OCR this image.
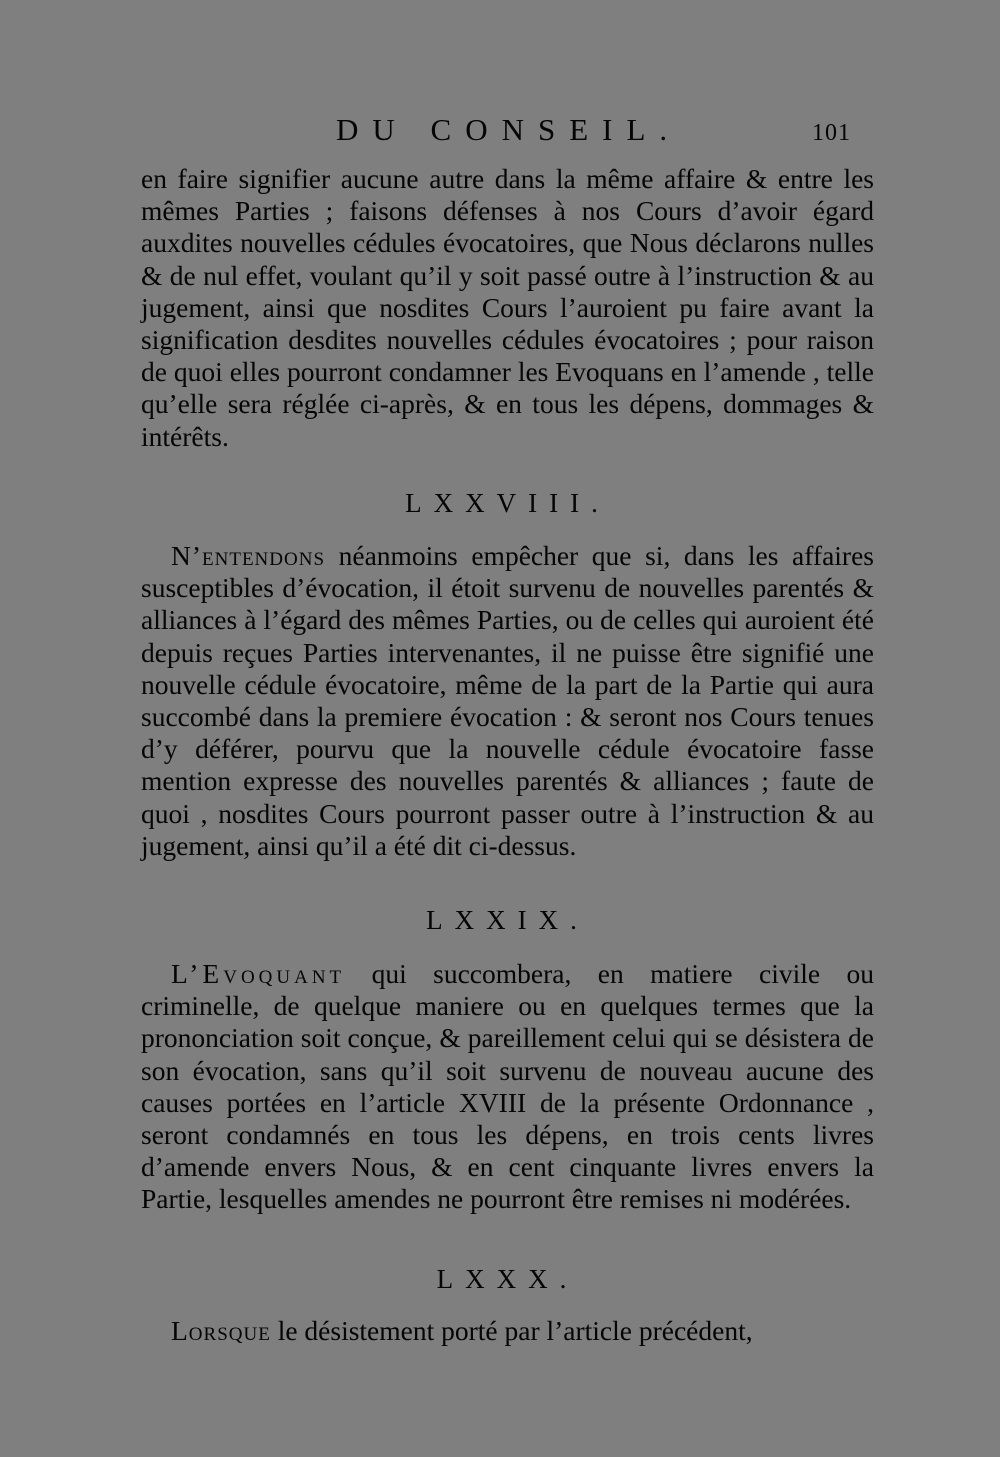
DU CONSEIL.	101

en faire signifier aucune autre dans la même affaire & entre les mêmes Parties ; faisons défenses à nos Cours d’avoir égard auxdites nouvelles cédules évocatoires, que Nous déclarons nulles & de nul effet, voulant qu’il y soit passé outre à l’instruction & au jugement, ainsi que nosdites Cours l’auroient pu faire avant la signification desdites nouvelles cédules évocatoires ; pour raison de quoi elles pourront condamner les Evoquans en l’amende , telle qu’elle sera réglée ci-après, & en tous les dépens, dommages & intérêts.

LXXVIII.

N’entendons néanmoins empêcher que si, dans les affaires susceptibles d’évocation, il étoit survenu de nouvelles parentés & alliances à l’égard des mêmes Parties, ou de celles qui auroient été depuis reçues Parties intervenantes, il ne puisse être signifié une nouvelle cédule évocatoire, même de la part de la Partie qui aura succombé dans la premiere évocation : & seront nos Cours tenues d’y déférer, pourvu que la nouvelle cédule évocatoire fasse mention expresse des nouvelles parentés & alliances ; faute de quoi , nosdites Cours pourront passer outre à l’instruction & au jugement, ainsi qu’il a été dit ci-dessus.

LXXIX.

L’Evoquant qui succombera, en matiere civile ou criminelle, de quelque maniere ou en quelques termes que la prononciation soit conçue, & pareillement celui qui se désistera de son évocation, sans qu’il soit survenu de nouveau aucune des causes portées en l’article XVIII de la présente Ordonnance , seront condamnés en tous les dépens, en trois cents livres d’amende envers Nous, & en cent cinquante livres envers la Partie, lesquelles amendes ne pourront être remises ni modérées.

LXXX.

Lorsque le désistement porté par l’article précédent,
